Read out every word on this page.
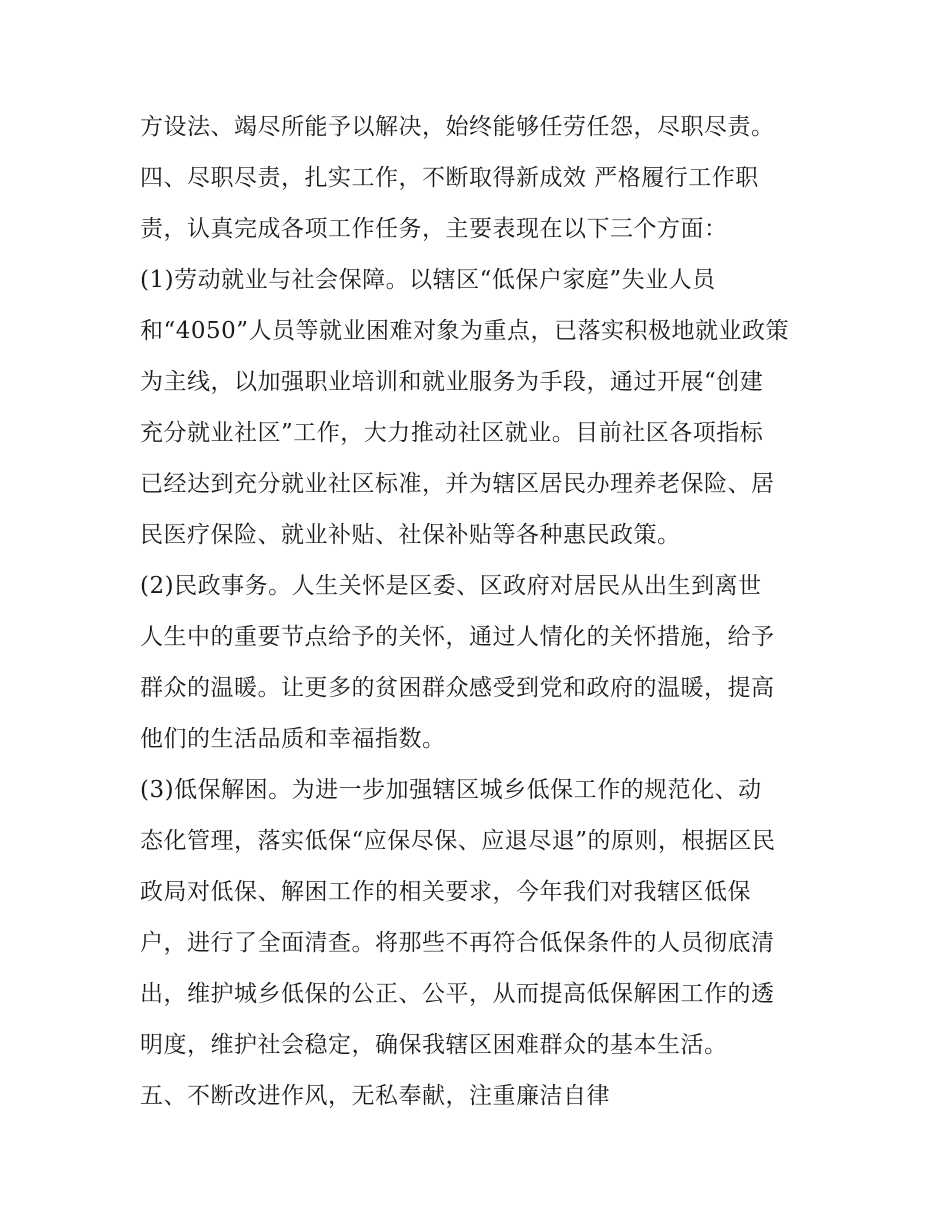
方设法、竭尽所能予以解决，始终能够任劳任怨，尽职尽责。
四、尽职尽责，扎实工作，不断取得新成效 严格履行工作职
责，认真完成各项工作任务，主要表现在以下三个方面：
(1)劳动就业与社会保障。以辖区“低保户家庭”失业人员
和“4050”人员等就业困难对象为重点，已落实积极地就业政策
为主线，以加强职业培训和就业服务为手段，通过开展“创建
充分就业社区”工作，大力推动社区就业。目前社区各项指标
已经达到充分就业社区标准，并为辖区居民办理养老保险、居
民医疗保险、就业补贴、社保补贴等各种惠民政策。
(2)民政事务。人生关怀是区委、区政府对居民从出生到离世
人生中的重要节点给予的关怀，通过人情化的关怀措施，给予
群众的温暖。让更多的贫困群众感受到党和政府的温暖，提高
他们的生活品质和幸福指数。
(3)低保解困。为进一步加强辖区城乡低保工作的规范化、动
态化管理，落实低保“应保尽保、应退尽退”的原则，根据区民
政局对低保、解困工作的相关要求，今年我们对我辖区低保
户，进行了全面清查。将那些不再符合低保条件的人员彻底清
出，维护城乡低保的公正、公平，从而提高低保解困工作的透
明度，维护社会稳定，确保我辖区困难群众的基本生活。
五、不断改进作风，无私奉献，注重廉洁自律
